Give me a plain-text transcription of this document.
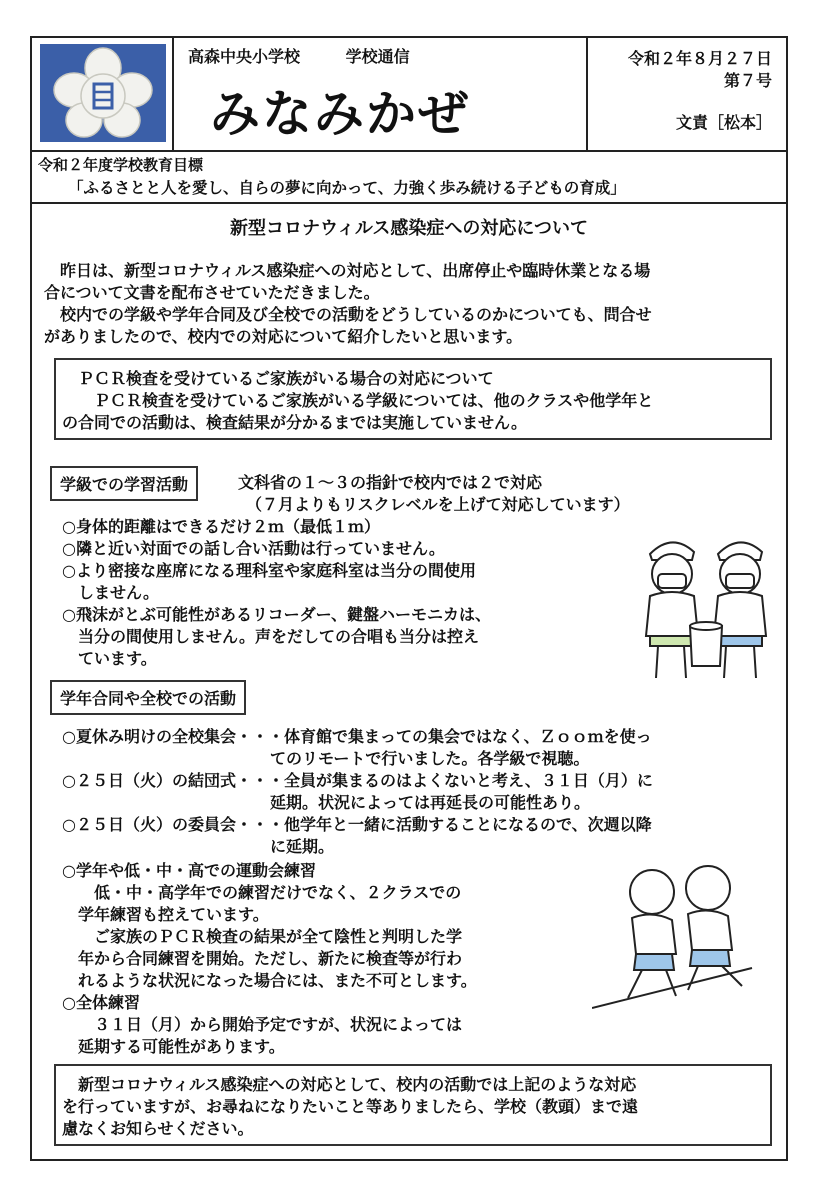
高森中央小学校	学校通信
みなみかぜ
令和２年８月２７日
第７号
文責［松本］
令和２年度学校教育目標
「ふるさとと人を愛し、自らの夢に向かって、力強く歩み続ける子どもの育成」
新型コロナウィルス感染症への対応について
　昨日は、新型コロナウィルス感染症への対応として、出席停止や臨時休業となる場
合について文書を配布させていただきました。
　校内での学級や学年合同及び全校での活動をどうしているのかについても、問合せ
がありましたので、校内での対応について紹介したいと思います。
　ＰＣＲ検査を受けているご家族がいる場合の対応について
　　ＰＣＲ検査を受けているご家族がいる学級については、他のクラスや他学年と
の合同での活動は、検査結果が分かるまでは実施していません。
学級での学習活動	文科省の１～３の指針で校内では２で対応
（７月よりもリスクレベルを上げて対応しています）
○身体的距離はできるだけ２ｍ（最低１ｍ）
○隣と近い対面での話し合い活動は行っていません。
○より密接な座席になる理科室や家庭科室は当分の間使用
　しません。
○飛沫がとぶ可能性があるリコーダー、鍵盤ハーモニカは、
　当分の間使用しません。声をだしての合唱も当分は控え
　ています。
学年合同や全校での活動
○夏休み明けの全校集会・・・体育館で集まっての集会ではなく、Ｚｏｏｍを使っ
　　　　　　　　　　　　　てのリモートで行いました。各学級で視聴。
○２５日（火）の結団式・・・全員が集まるのはよくないと考え、３１日（月）に
　　　　　　　　　　　　　延期。状況によっては再延長の可能性あり。
○２５日（火）の委員会・・・他学年と一緒に活動することになるので、次週以降
　　　　　　　　　　　　　に延期。
○学年や低・中・高での運動会練習
　　低・中・高学年での練習だけでなく、２クラスでの
　学年練習も控えています。
　　ご家族のＰＣＲ検査の結果が全て陰性と判明した学
　年から合同練習を開始。ただし、新たに検査等が行わ
　れるような状況になった場合には、また不可とします。
○全体練習
　　３１日（月）から開始予定ですが、状況によっては
　延期する可能性があります。
　新型コロナウィルス感染症への対応として、校内の活動では上記のような対応
を行っていますが、お尋ねになりたいこと等ありましたら、学校（教頭）まで遠
慮なくお知らせください。
